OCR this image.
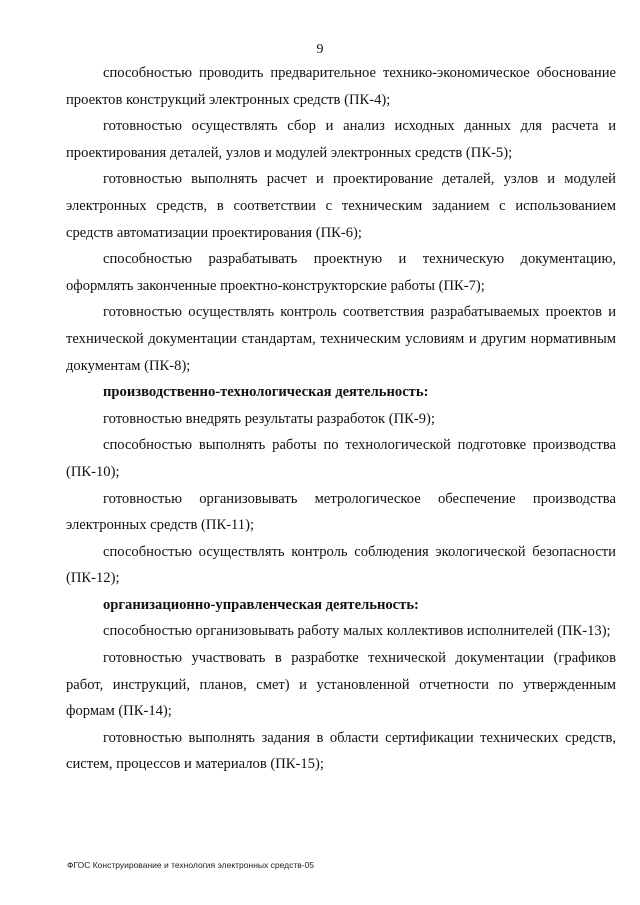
9

способностью проводить предварительное технико-экономическое обоснование проектов конструкций электронных средств (ПК-4);

готовностью осуществлять сбор и анализ исходных данных для расчета и проектирования деталей, узлов и модулей электронных средств (ПК-5);

готовностью выполнять расчет и проектирование деталей, узлов и модулей электронных средств, в соответствии с техническим заданием с использованием средств автоматизации проектирования (ПК-6);

способностью разрабатывать проектную и техническую документацию, оформлять законченные проектно-конструкторские работы (ПК-7);

готовностью осуществлять контроль соответствия разрабатываемых проектов и технической документации стандартам, техническим условиям и другим нормативным документам (ПК-8);

производственно-технологическая деятельность:

готовностью внедрять результаты разработок (ПК-9);

способностью выполнять работы по технологической подготовке производства (ПК-10);

готовностью организовывать метрологическое обеспечение производства электронных средств (ПК-11);

способностью осуществлять контроль соблюдения экологической безопасности (ПК-12);

организационно-управленческая деятельность:

способностью организовывать работу малых коллективов исполнителей (ПК-13);

готовностью участвовать в разработке технической документации (графиков работ, инструкций, планов, смет) и установленной отчетности по утвержденным формам (ПК-14);

готовностью выполнять задания в области сертификации технических средств, систем, процессов и материалов (ПК-15);

ФГОС Конструирование и технология электронных средств-05
